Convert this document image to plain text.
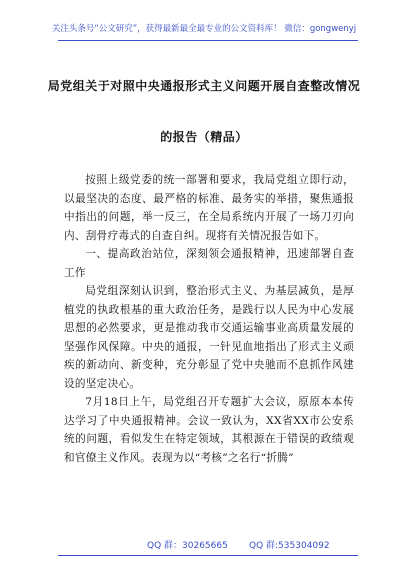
关注头条号“公文研究”，获得最新最全最专业的公文资料库！ 微信：gongwenyj
局党组关于对照中央通报形式主义问题开展自查整改情况
的报告（精品）

按照上级党委的统一部署和要求，我局党组立即行动，以最坚决的态度、最严格的标准、最务实的举措，聚焦通报中指出的问题，举一反三，在全局系统内开展了一场刀刃向内、刮骨疗毒式的自查自纠。现将有关情况报告如下。

一、提高政治站位，深刻领会通报精神，迅速部署自查工作

局党组深刻认识到，整治形式主义、为基层减负，是厚植党的执政根基的重大政治任务，是践行以人民为中心发展思想的必然要求，更是推动我市交通运输事业高质量发展的坚强作风保障。中央的通报，一针见血地指出了形式主义顽疾的新动向、新变种，充分彰显了党中央驰而不息抓作风建设的坚定决心。

7月18日上午，局党组召开专题扩大会议，原原本本传达学习了中央通报精神。会议一致认为，XX省XX市公安系统的问题，看似发生在特定领域，其根源在于错误的政绩观和官僚主义作风。表现为以“考核”之名行“折腾”

QQ 群：30265665 QQ 群:535304092
